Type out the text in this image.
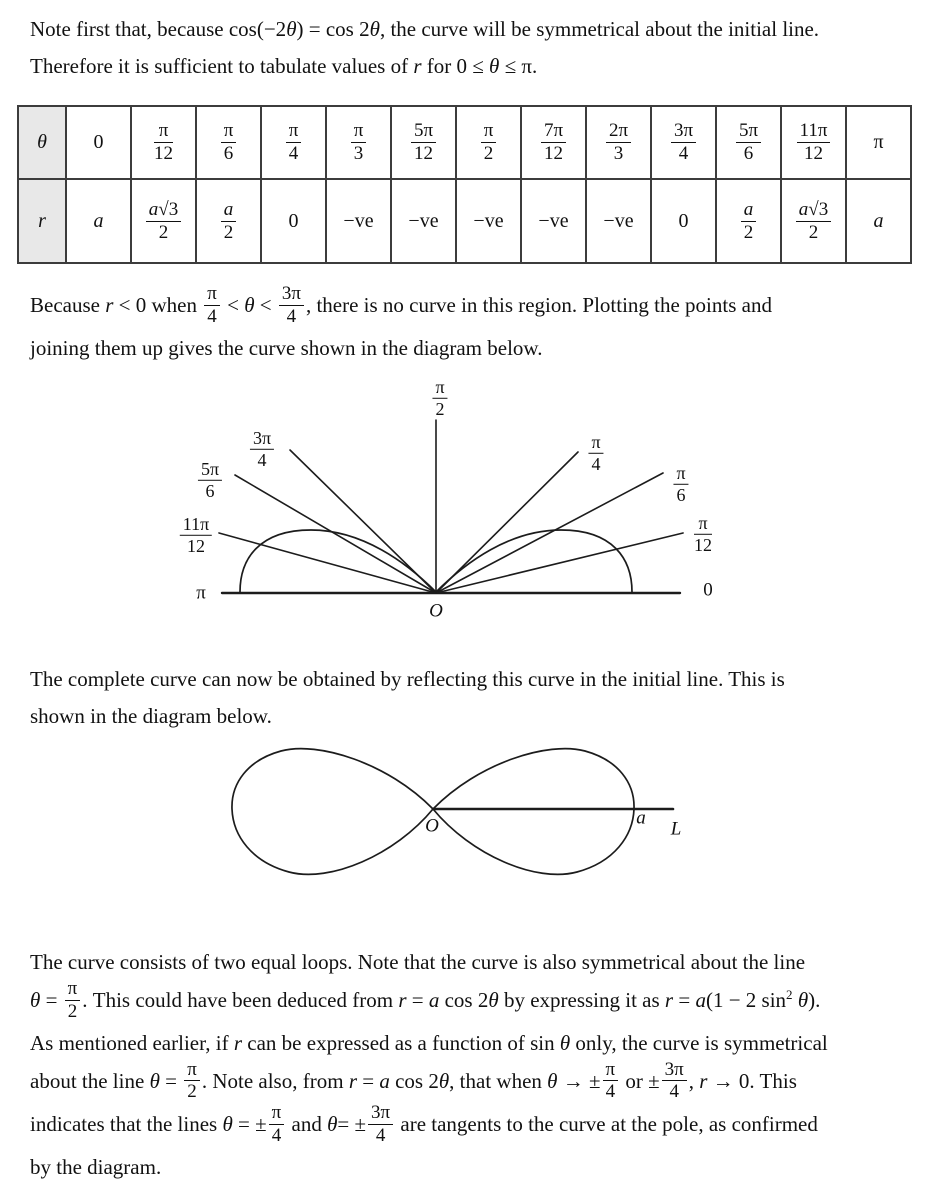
Note first that, because cos(−2θ) = cos 2θ, the curve will be symmetrical about the initial line.
Therefore it is sufficient to tabulate values of r for 0 ≤ θ ≤ π.
θ	0	$\frac{\pi}{12}$	$\frac{\pi}{6}$	$\frac{\pi}{4}$	$\frac{\pi}{3}$	$\frac{5\pi}{12}$	$\frac{\pi}{2}$	$\frac{7\pi}{12}$	$\frac{2\pi}{3}$	$\frac{3\pi}{4}$	$\frac{5\pi}{6}$	$\frac{11\pi}{12}$	π
r	a	$\frac{a√3}{2}$	$\frac{a}{2}$	0	−ve	−ve	−ve	−ve	−ve	0	$\frac{a}{2}$	$\frac{a√3}{2}$	a
Because r < 0 when $\frac{\pi}{4} < \theta < \frac{3\pi}{4}$ , there is no curve in this region. Plotting the points and
joining them up gives the curve shown in the diagram below.
$\frac{\pi}{2}$
$\frac{3\pi}{4}$	$\frac{\pi}{4}$
$\frac{5\pi}{6}$	$\frac{\pi}{6}$
$\frac{11\pi}{12}$	$\frac{\pi}{12}$
π	0
O
The complete curve can now be obtained by reflecting this curve in the initial line. This is
shown in the diagram below.
O	a
L
The curve consists of two equal loops. Note that the curve is also symmetrical about the line
$\theta = \frac{\pi}{2}$ . This could have been deduced from r = a cos 2θ by expressing it as r = a(1 − 2 $\sin^2 \theta$).
As mentioned earlier, if r can be expressed as a function of sin θ only, the curve is symmetrical
about the line $\theta = \frac{\pi}{2}$ . Note also, from r = a cos 2θ, that when θ → ± $\frac{\pi}{4}$ or ± $\frac{3\pi}{4}$ , r → 0. This
indicates that the lines θ = ± $\frac{\pi}{4}$ and $\theta= \pm \frac{3\pi}{4}$ are tangents to the curve at the pole, as confirmed
by the diagram.
